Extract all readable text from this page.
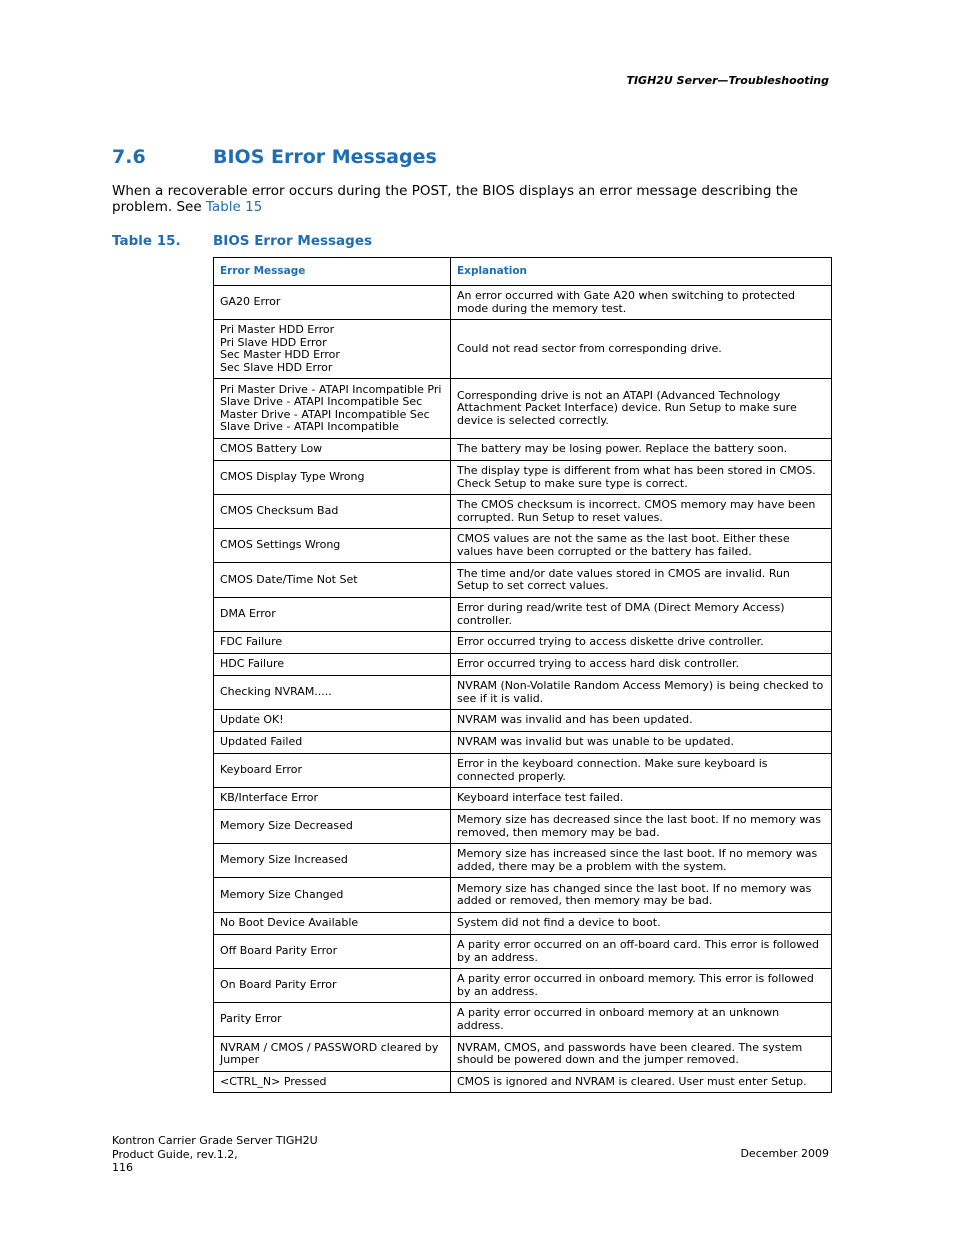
TIGH2U Server—Troubleshooting
7.6	BIOS Error Messages
When a recoverable error occurs during the POST, the BIOS displays an error message describing the problem. See Table 15
Table 15. BIOS Error Messages
Error Message	Explanation
GA20 Error	An error occurred with Gate A20 when switching to protected mode during the memory test.
Pri Master HDD Error
Pri Slave HDD Error
Sec Master HDD Error
Sec Slave HDD Error	Could not read sector from corresponding drive.
Pri Master Drive - ATAPI Incompatible Pri Slave Drive - ATAPI Incompatible Sec Master Drive - ATAPI Incompatible Sec Slave Drive - ATAPI Incompatible	Corresponding drive is not an ATAPI (Advanced Technology Attachment Packet Interface) device. Run Setup to make sure device is selected correctly.
CMOS Battery Low	The battery may be losing power. Replace the battery soon.
CMOS Display Type Wrong	The display type is different from what has been stored in CMOS. Check Setup to make sure type is correct.
CMOS Checksum Bad	The CMOS checksum is incorrect. CMOS memory may have been corrupted. Run Setup to reset values.
CMOS Settings Wrong	CMOS values are not the same as the last boot. Either these values have been corrupted or the battery has failed.
CMOS Date/Time Not Set	The time and/or date values stored in CMOS are invalid. Run Setup to set correct values.
DMA Error	Error during read/write test of DMA (Direct Memory Access) controller.
FDC Failure	Error occurred trying to access diskette drive controller.
HDC Failure	Error occurred trying to access hard disk controller.
Checking NVRAM.....	NVRAM (Non-Volatile Random Access Memory) is being checked to see if it is valid.
Update OK!	NVRAM was invalid and has been updated.
Updated Failed	NVRAM was invalid but was unable to be updated.
Keyboard Error	Error in the keyboard connection. Make sure keyboard is connected properly.
KB/Interface Error	Keyboard interface test failed.
Memory Size Decreased	Memory size has decreased since the last boot. If no memory was removed, then memory may be bad.
Memory Size Increased	Memory size has increased since the last boot. If no memory was added, there may be a problem with the system.
Memory Size Changed	Memory size has changed since the last boot. If no memory was added or removed, then memory may be bad.
No Boot Device Available	System did not find a device to boot.
Off Board Parity Error	A parity error occurred on an off-board card. This error is followed by an address.
On Board Parity Error	A parity error occurred in onboard memory. This error is followed by an address.
Parity Error	A parity error occurred in onboard memory at an unknown address.
NVRAM / CMOS / PASSWORD cleared by Jumper	NVRAM, CMOS, and passwords have been cleared. The system should be powered down and the jumper removed.
<CTRL_N> Pressed	CMOS is ignored and NVRAM is cleared. User must enter Setup.
Kontron Carrier Grade Server TIGH2U
Product Guide, rev.1.2,
116
December 2009
